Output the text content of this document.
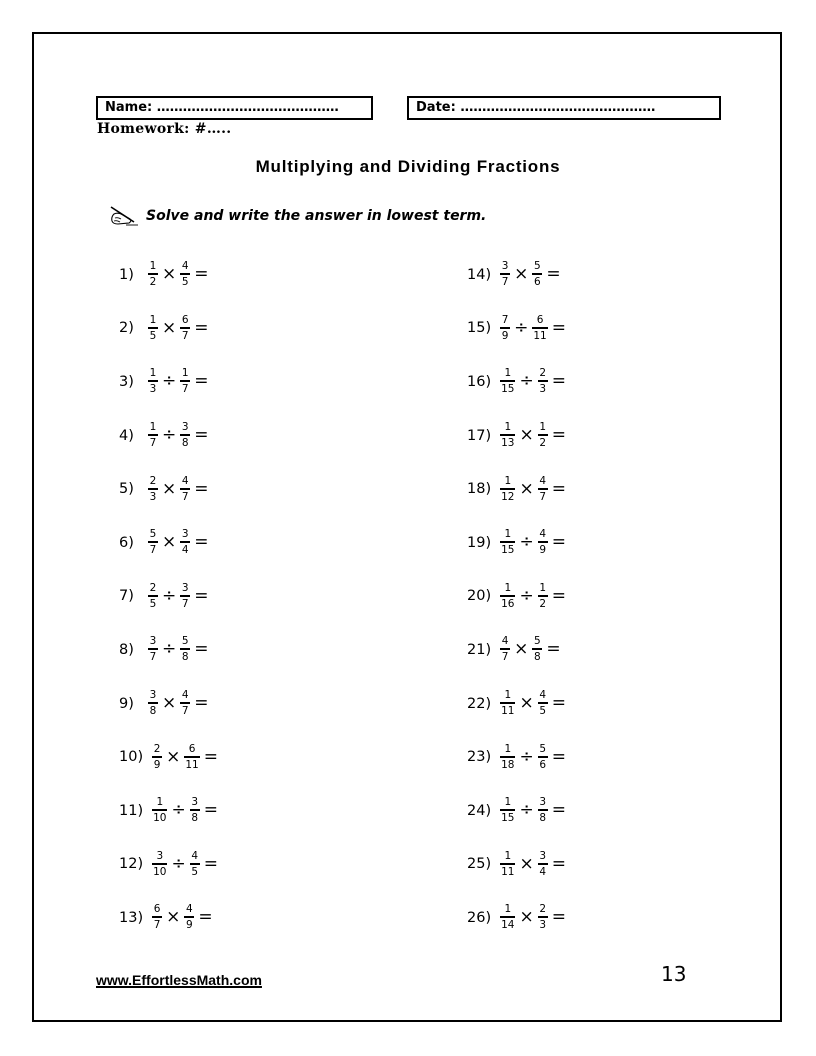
Name: ……………………………………	Date: ………………………………………
Homework: #…..
Multiplying and Dividing Fractions
Solve and write the answer in lowest term.
1)	$\frac{1}{2} \times \frac{4}{5}$ =
2)	$\frac{1}{5} \times \frac{6}{7}$ =
3)	$\frac{1}{3} \div \frac{1}{7}$ =
4)	$\frac{1}{7} \div \frac{3}{8}$ =
5)	$\frac{2}{3} \times \frac{4}{7}$ =
6)	$\frac{5}{7} \times \frac{3}{4}$ =
7)	$\frac{2}{5} \div \frac{3}{7}$ =
8)	$\frac{3}{7} \div \frac{5}{8}$ =
9)	$\frac{3}{8} \times \frac{4}{7}$ =
$10) \frac{2}{9} \times \frac{6}{11}$ =
$11) \frac{1}{10} \div \frac{3}{8}$ =
$12) \frac{3}{10} \div \frac{4}{5}$ =
$13) \frac{6}{7} \times \frac{4}{9}$ =
$14) \frac{3}{7} \times \frac{5}{6}$ =
$15) \frac{7}{9} \div \frac{6}{11}$ =
$16) \frac{1}{15} \div \frac{2}{3}$ =
$17) \frac{1}{13} \times \frac{1}{2}$ =
$18) \frac{1}{12} \times \frac{4}{7}$ =
$19) \frac{1}{15} \div \frac{4}{9}$ =
$20) \frac{1}{16} \div \frac{1}{2}$ =
$21) \frac{4}{7} \times \frac{5}{8}$ =
$22) \frac{1}{11} \times \frac{4}{5}$ =
$23) \frac{1}{18} \div \frac{5}{6}$ =
$24) \frac{1}{15} \div \frac{3}{8}$ =
$25) \frac{1}{11} \times \frac{3}{4}$ =
$26) \frac{1}{14} \times \frac{2}{3}$ =
www.EffortlessMath.com	13
